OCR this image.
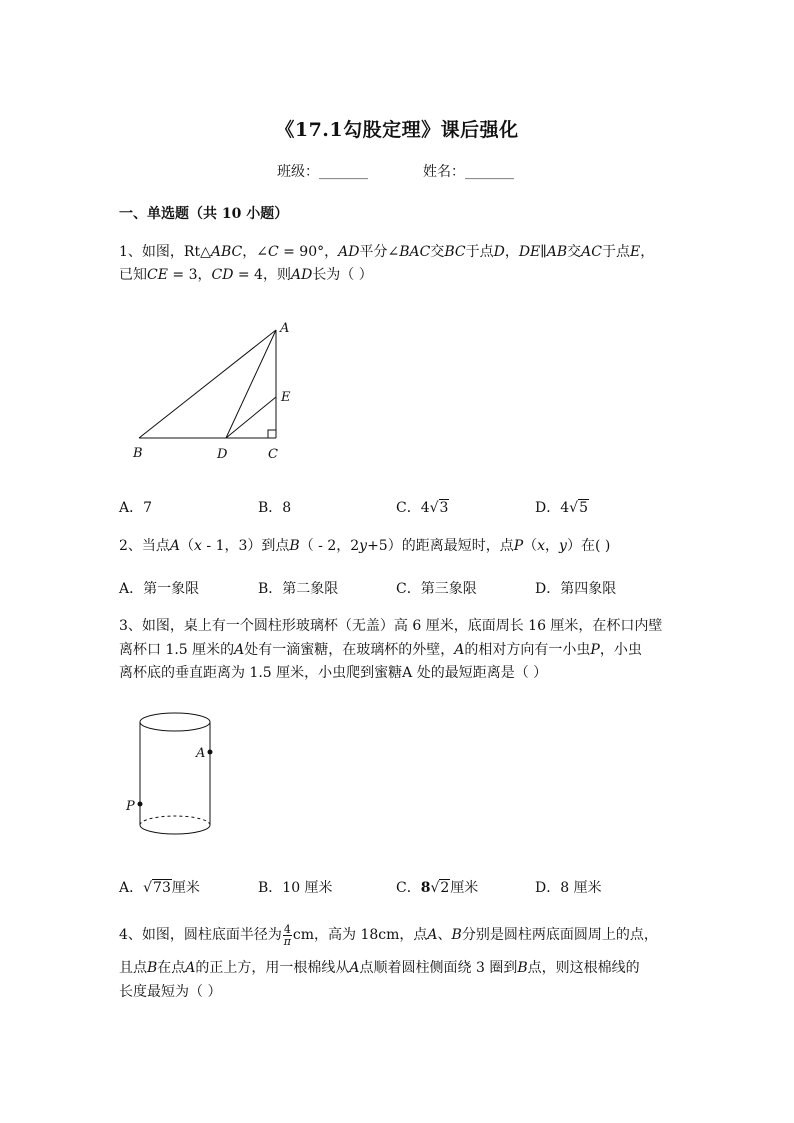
《17.1勾股定理》课后强化
班级：_______	姓名：_______
一、单选题（共 10 小题）
1、如图，Rt△ABC，∠C = 90°，AD平分∠BAC交BC于点D，DE∥AB交AC于点E，
已知CE = 3，CD = 4，则AD长为（ ）
A
E
B	D	C
A．7	B．8	C．4√3	D．4√5
2、当点A（x - 1，3）到点B（ - 2，2y+5）的距离最短时，点P（x，y）在( )
A．第一象限	B．第二象限	C．第三象限	D．第四象限
3、如图，桌上有一个圆柱形玻璃杯（无盖）高 6 厘米，底面周长 16 厘米，在杯口内壁
离杯口 1.5 厘米的A处有一滴蜜糖，在玻璃杯的外壁，A的相对方向有一小虫P，小虫
离杯底的垂直距离为 1.5 厘米，小虫爬到蜜糖A 处的最短距离是（ ）
A
P
A．√73厘米	B．10 厘米	C．8√2厘米	D．8 厘米
4、如图，圆柱底面半径为 $\frac{4}{\pi}$ cm，高为 18cm，点A、B分别是圆柱两底面圆周上的点，
且点B在点A的正上方，用一根棉线从A点顺着圆柱侧面绕 3 圈到B点，则这根棉线的
长度最短为（ ）
